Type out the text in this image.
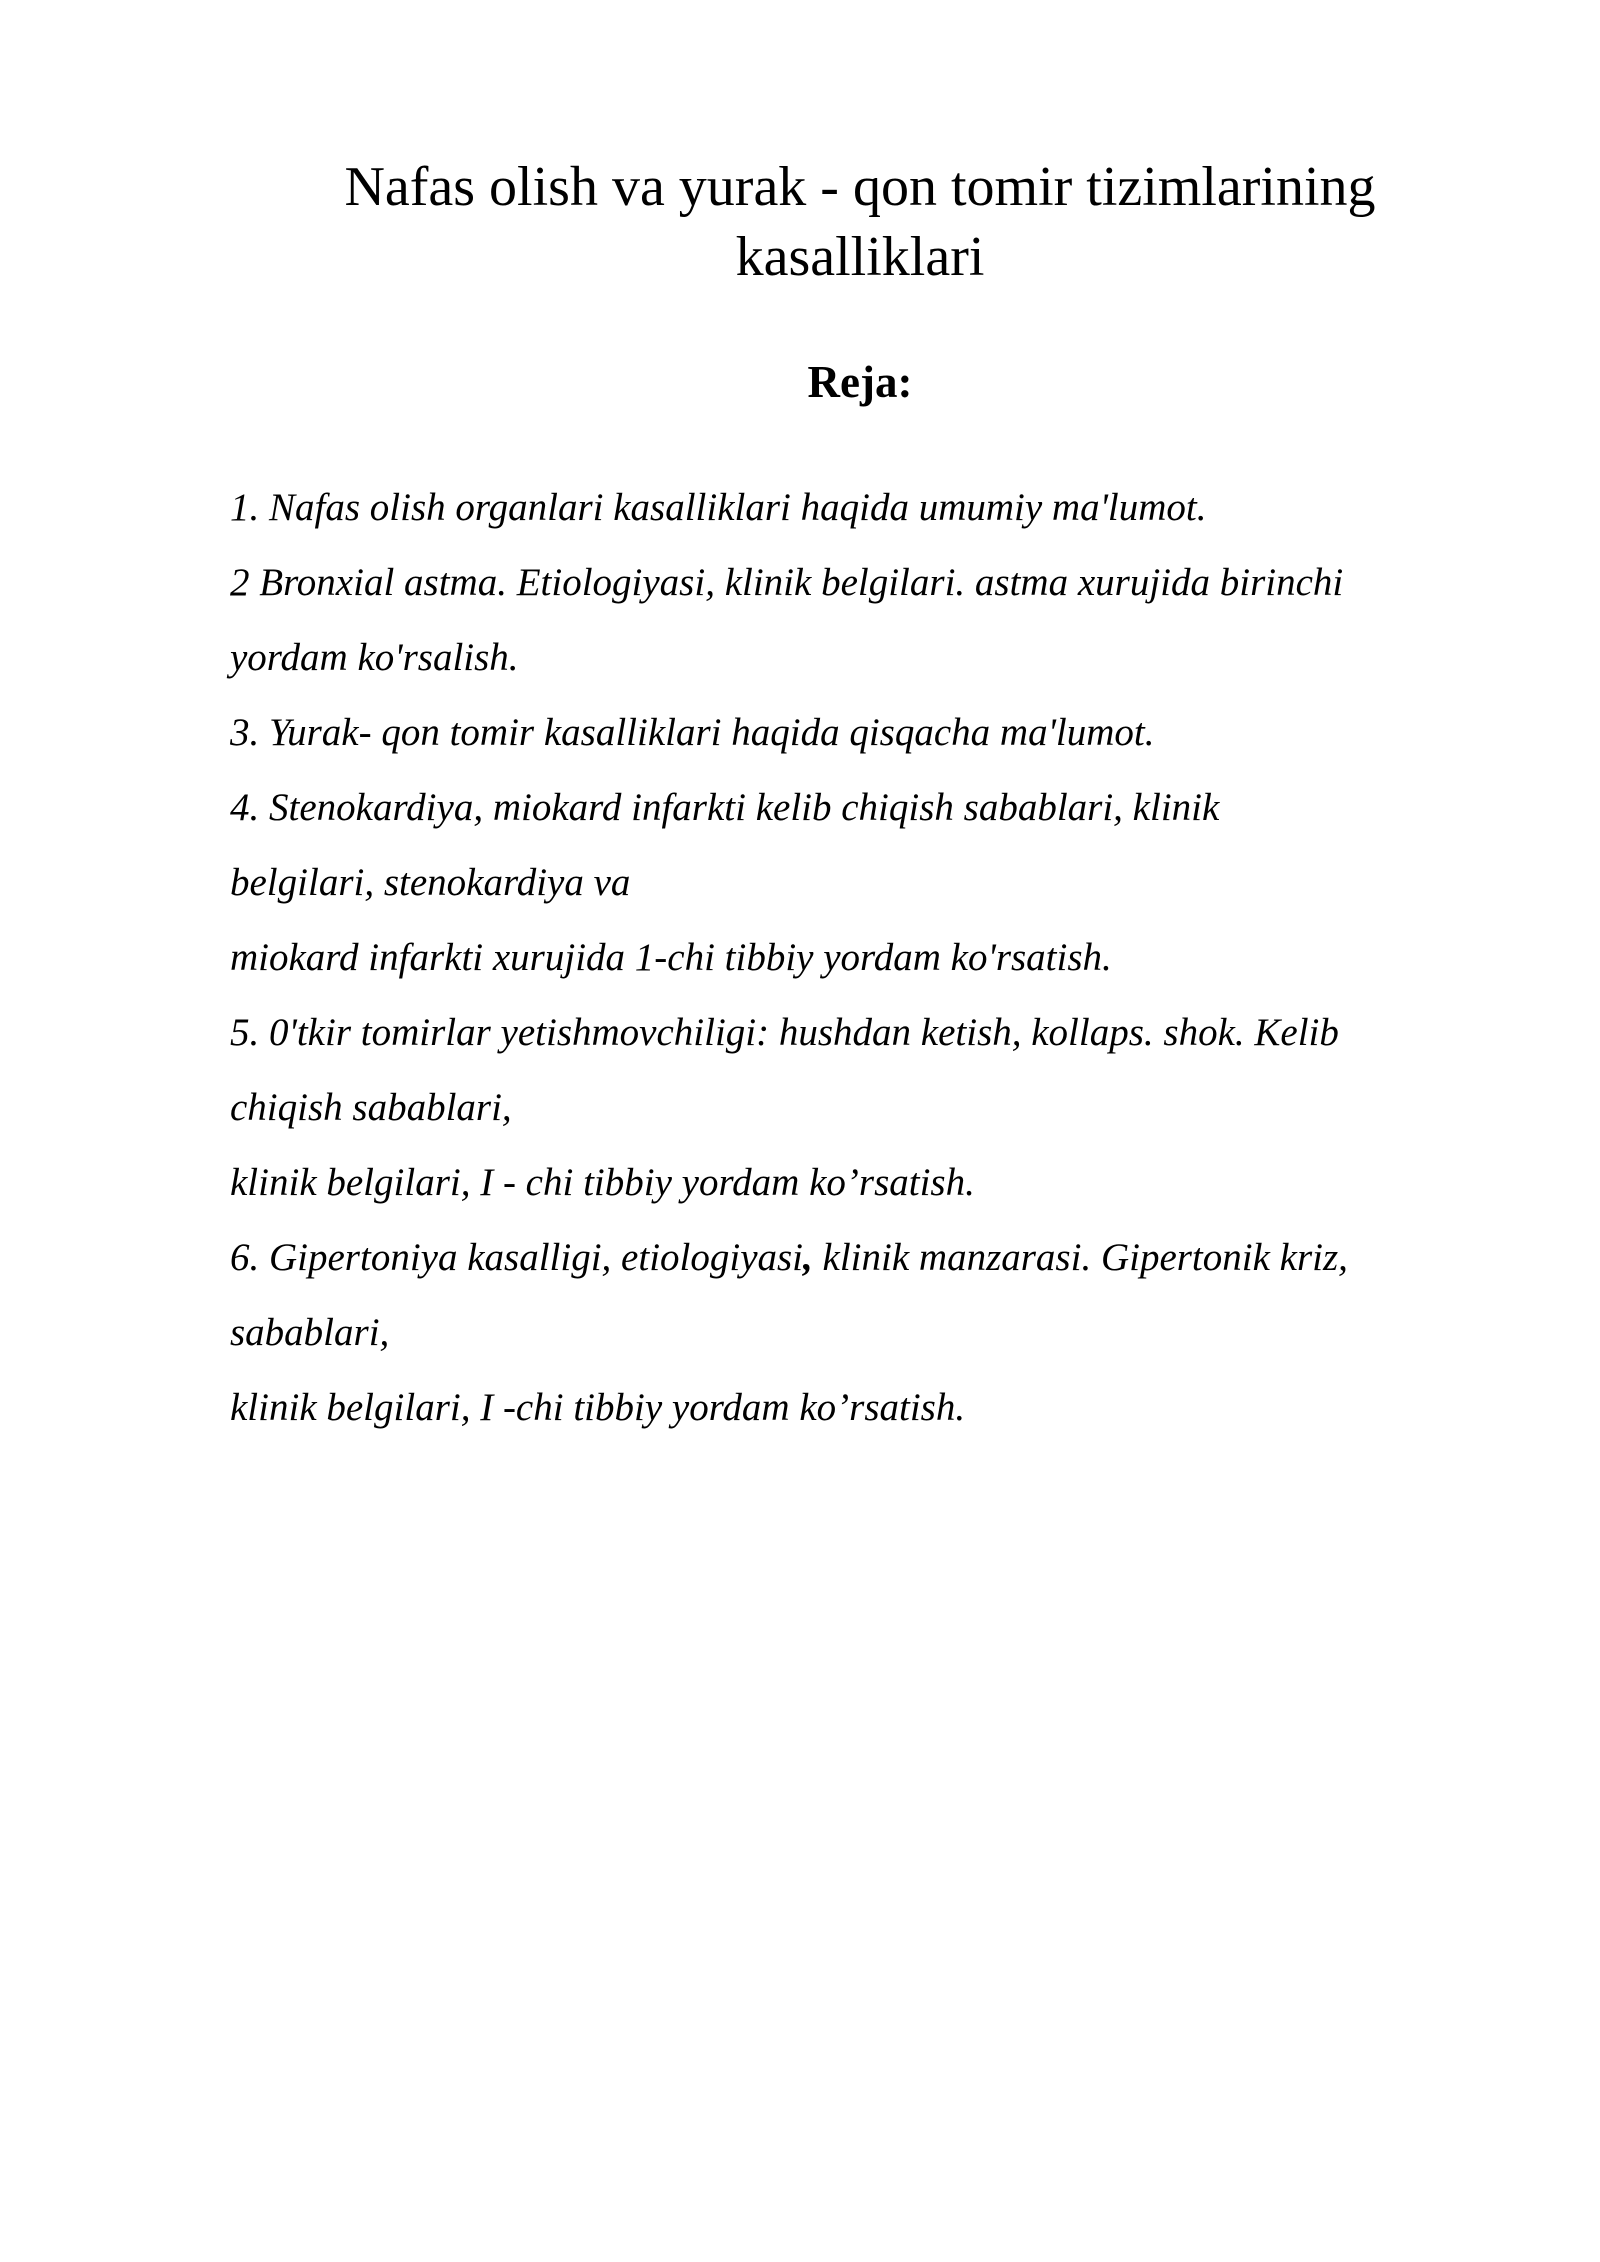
Nafas olish va yurak - qon tomir tizimlarining
kasalliklari
Reja:
1. Nafas olish organlari kasalliklari haqida umumiy ma'lumot.
2 Bronxial astma. Etiologiyasi, klinik belgilari. astma xurujida birinchi
yordam ko'rsalish.
3. Yurak- qon tomir kasalliklari haqida qisqacha ma'lumot.
4. Stenokardiya, miokard infarkti kelib chiqish sabablari, klinik
belgilari, stenokardiya va
miokard infarkti xurujida 1-chi tibbiy yordam ko'rsatish.
5. 0'tkir tomirlar yetishmovchiligi: hushdan ketish, kollaps. shok. Kelib
chiqish sabablari,
klinik belgilari, I - chi tibbiy yordam ko’rsatish.
6. Gipertoniya kasalligi, etiologiyasi, klinik manzarasi. Gipertonik kriz,
sabablari,
klinik belgilari, I -chi tibbiy yordam ko’rsatish.
